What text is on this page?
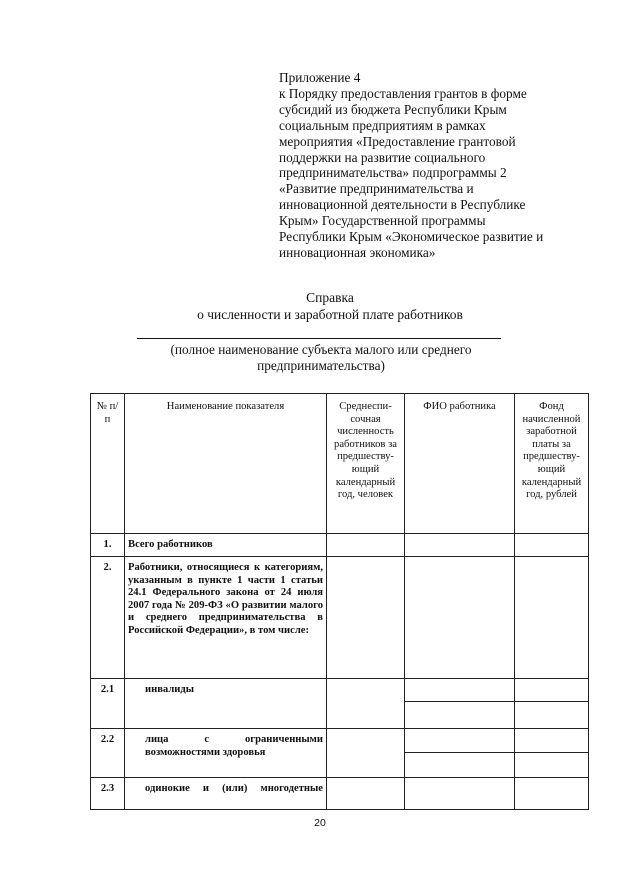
Приложение 4
к Порядку предоставления грантов в форме
субсидий из бюджета Республики Крым
социальным предприятиям в рамках
мероприятия «Предоставление грантовой
поддержки на развитие социального
предпринимательства» подпрограммы 2
«Развитие предпринимательства и
инновационной деятельности в Республике
Крым» Государственной программы
Республики Крым «Экономическое развитие и
инновационная экономика»
Справка
о численности и заработной плате работников
(полное наименование субъекта малого или среднего
предпринимательства)
№ п/п	Наименование показателя	Среднеспи-сочная численность работников за предшеству-ющий календарный год, человек	ФИО работника	Фонд начисленной заработной платы за предшеству-ющий календарный год, рублей
1.	Всего работников			
2.	Работники, относящиеся к категориям, указанным в пункте 1 части 1 статьи 24.1 Федерального закона от 24 июля 2007 года № 209-ФЗ «О развитии малого и среднего предпринимательства в Российской Федерации», в том числе:			
2.1	инвалиды			

2.2	лица с ограниченными возможностями здоровья			

2.3	одинокие и (или) многодетные			
20
